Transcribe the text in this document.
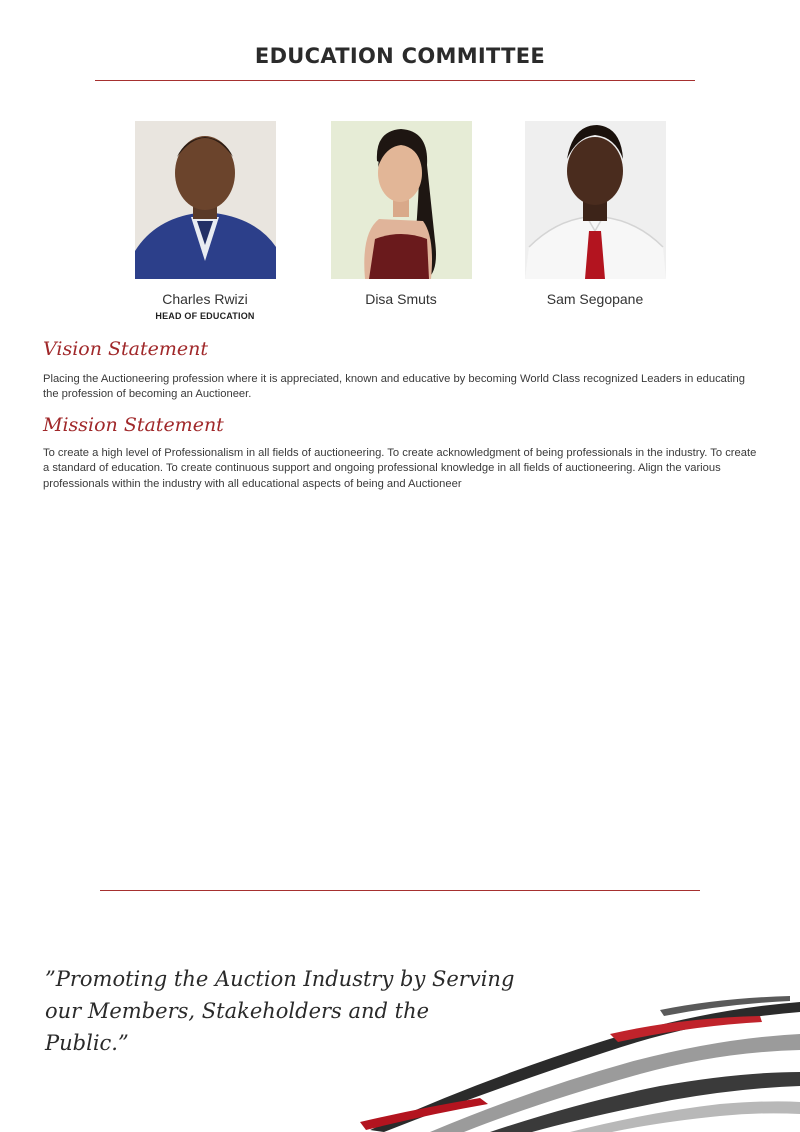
EDUCATION COMMITTEE
Charles Rwizi
HEAD OF EDUCATION
Disa Smuts	Sam Segopane
Vision Statement

Placing the Auctioneering profession where it is appreciated, known and educative by becoming World Class recognized Leaders in educating the profession of becoming an Auctioneer.

Mission Statement

To create a high level of Professionalism in all fields of auctioneering. To create acknowledgment of being professionals in the industry. To create a standard of education. To create continuous support and ongoing professional knowledge in all fields of auctioneering. Align the various professionals within the industry with all educational aspects of being and Auctioneer

”Promoting the Auction Industry by Serving
our Members, Stakeholders and the Public.”
